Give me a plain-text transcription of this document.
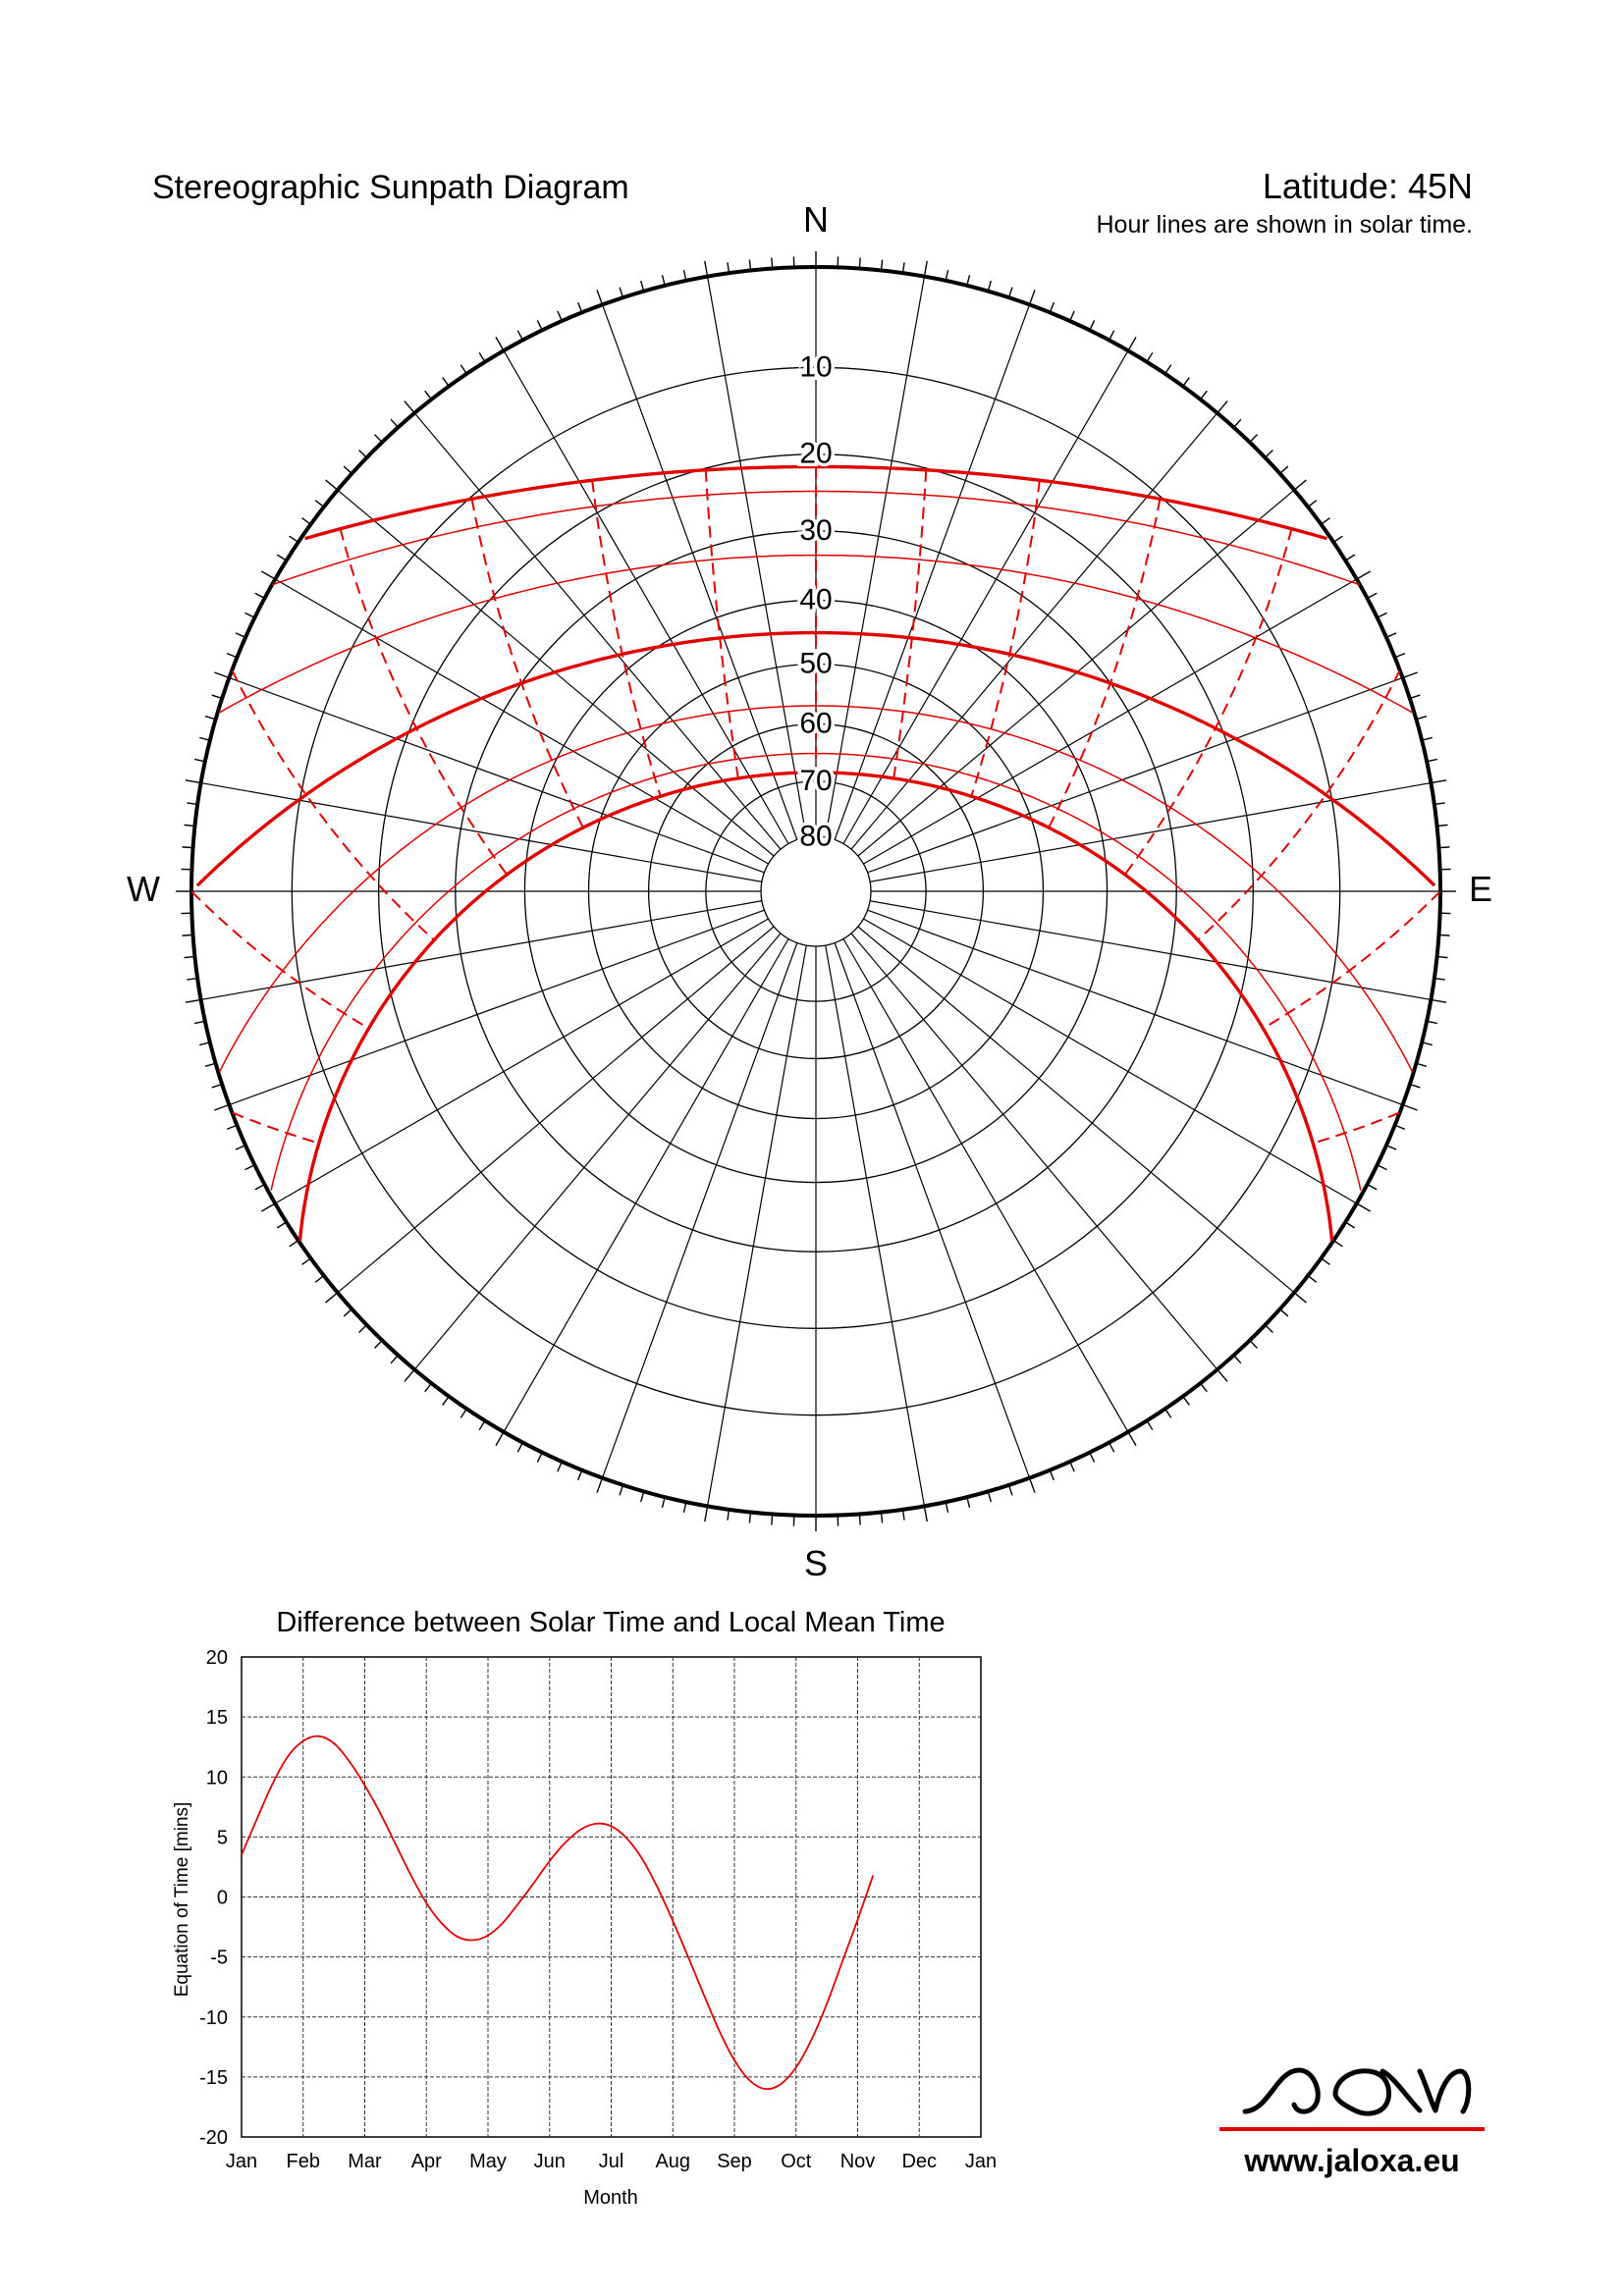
Stereographic Sunpath Diagram	Latitude: 45N
Hour lines are shown in solar time.
10
20
30
40
50
60
70
80
N
S
E
W
Difference between Solar Time and Local Mean Time
20
15
10
5
0
-5
-10
-15
-20
Jan Feb Mar Apr May Jun Jul Aug Sep Oct Nov Dec Jan
Month
Equation of Time [mins]
www.jaloxa.eu
